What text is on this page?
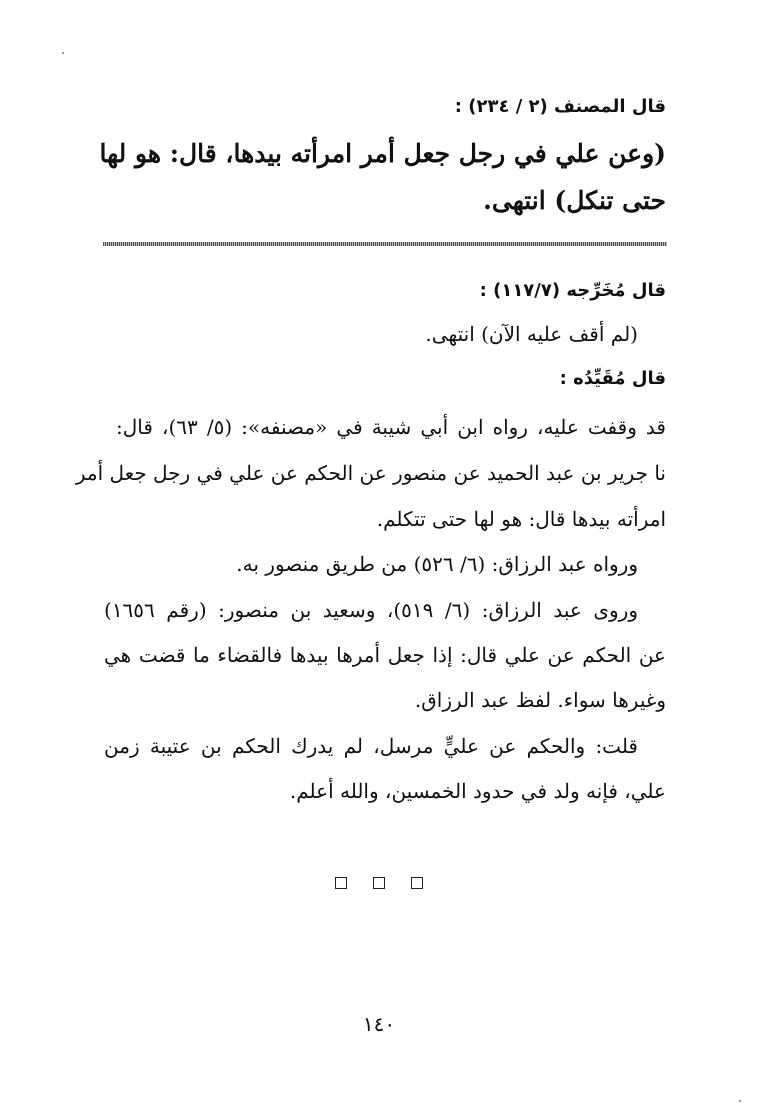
قال المصنف (٢ / ٢٣٤) :
(وعن علي في رجل جعل أمر امرأته بيدها، قال: هو لها
حتى تنكل) انتهى.
قال مُخَرِّجه (١١٧/٧) :
(لم أقف عليه الآن) انتهى.
قال مُقَيِّدُه :
قد وقفت عليه، رواه ابن أبي شيبة في «مصنفه»: (٥/ ٦٣)، قال:
نا جرير بن عبد الحميد عن منصور عن الحكم عن علي في رجل جعل أمر
امرأته بيدها قال: هو لها حتى تتكلم.
ورواه عبد الرزاق: (٦/ ٥٢٦) من طريق منصور به.
وروى عبد الرزاق: (٦/ ٥١٩)، وسعيد بن منصور: (رقم ١٦٥٦)
عن الحكم عن علي قال: إذا جعل أمرها بيدها فالقضاء ما قضت هي
وغيرها سواء. لفظ عبد الرزاق.
قلت: والحكم عن عليٍّ مرسل، لم يدرك الحكم بن عتيبة زمن
علي، فإنه ولد في حدود الخمسين، والله أعلم.
١٤٠
